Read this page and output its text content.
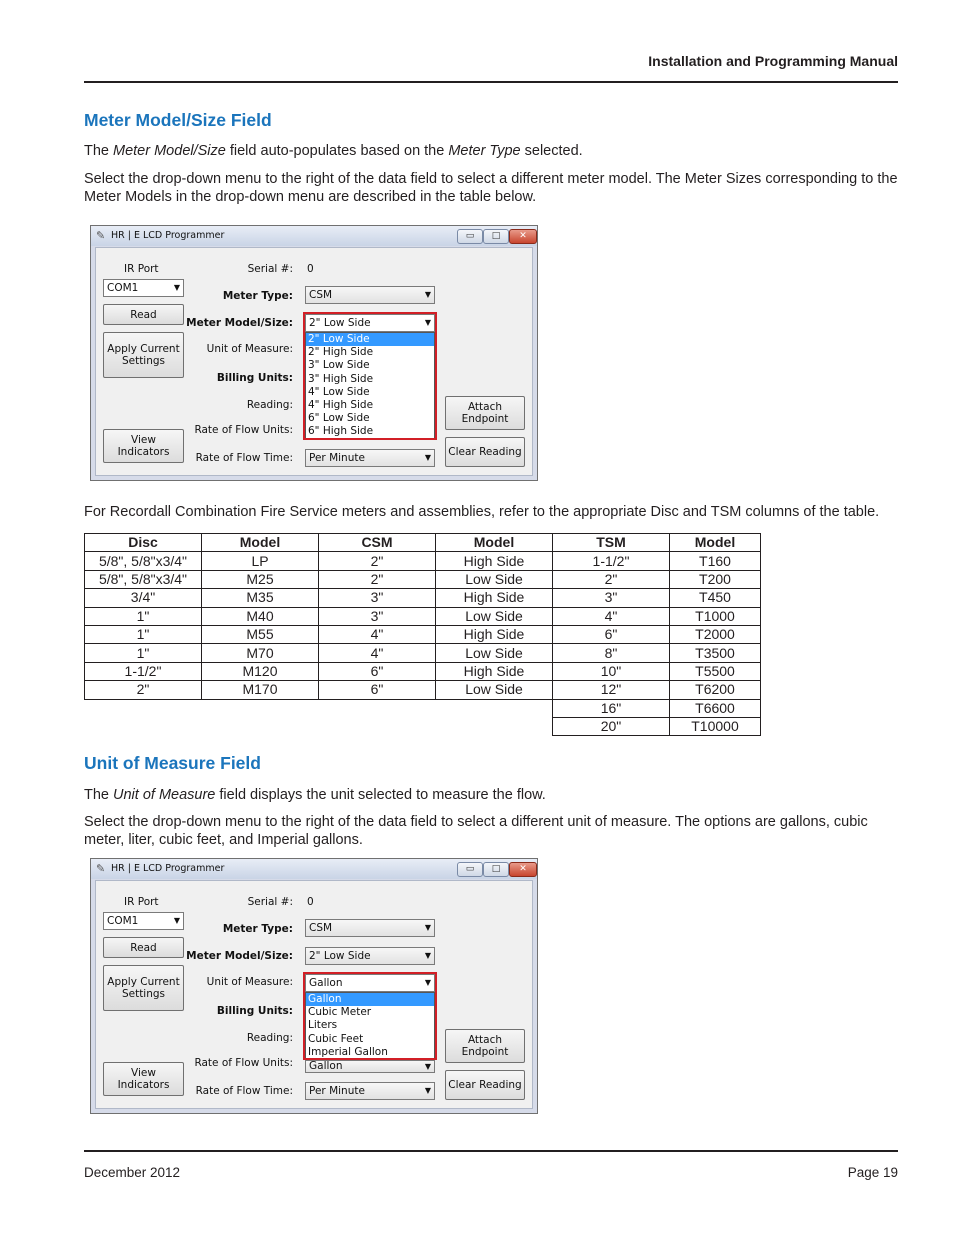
Installation and Programming Manual
Meter Model/Size Field

The Meter Model/Size field auto-populates based on the Meter Type selected.

Select the drop-down menu to the right of the data field to select a different meter model. The Meter Sizes corresponding to the Meter Models in the drop-down menu are described in the table below.

✎ HR | E LCD Programmer	▭	□	✕
IR Port
COM1	▼
Read
Apply Current Settings
View Indicators
Serial #: 0
Meter Type:	CSM	▼
Meter Model/Size:	2" Low Side	▼
2" Low Side
2" High Side
3" Low Side
3" High Side
4" Low Side
4" High Side
6" Low Side
6" High Side
Unit of Measure:
Billing Units:
Reading:
Rate of Flow Units:
Rate of Flow Time:	Per Minute	▼
Attach Endpoint
Clear Reading

For Recordall Combination Fire Service meters and assemblies, refer to the appropriate Disc and TSM columns of the table.

Disc	Model	CSM	Model	TSM	Model
5/8", 5/8"x3/4"	LP	2"	High Side	1-1/2"	T160
5/8", 5/8"x3/4"	M25	2"	Low Side	2"	T200
3/4"	M35	3"	High Side	3"	T450
1"	M40	3"	Low Side	4"	T1000
1"	M55	4"	High Side	6"	T2000
1"	M70	4"	Low Side	8"	T3500
1-1/2"	M120	6"	High Side	10"	T5500
2"	M170	6"	Low Side	12"	T6200
				16"	T6600
				20"	T10000
Unit of Measure Field

The Unit of Measure field displays the unit selected to measure the flow.

Select the drop-down menu to the right of the data field to select a different unit of measure. The options are gallons, cubic meter, liter, cubic feet, and Imperial gallons.

✎ HR | E LCD Programmer	▭	□	✕
IR Port
COM1	▼
Read
Apply Current Settings
View Indicators
Serial #: 0
Meter Type:	CSM	▼
Meter Model/Size:	2" Low Side	▼
Unit of Measure:	Gallon	▼
Gallon
Cubic Meter
Liters
Cubic Feet
Imperial Gallon
Billing Units:
Reading:
Rate of Flow Units:	Gallon	▼
Rate of Flow Time:	Per Minute	▼
Attach Endpoint
Clear Reading
December 2012	Page 19
